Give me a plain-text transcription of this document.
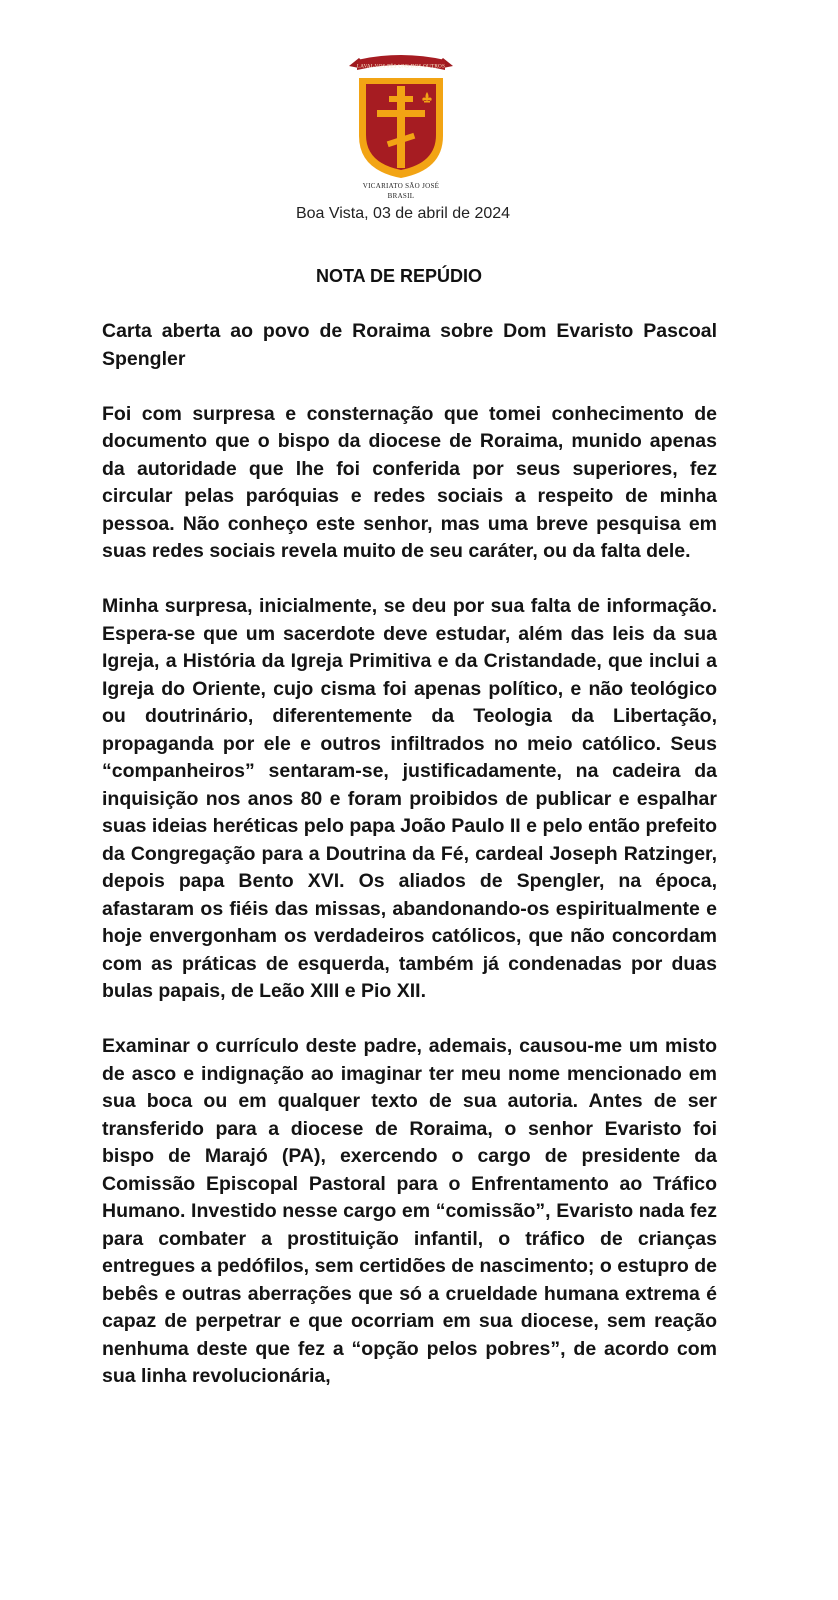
LAVAI-VOS PÉS UNS DOS OUTROS
VICARIATO SÃO JOSÉ
BRASIL
Boa Vista, 03 de abril de 2024
NOTA DE REPÚDIO

Carta aberta ao povo de Roraima sobre Dom Evaristo Pascoal Spengler

Foi com surpresa e consternação que tomei conhecimento de documento que o bispo da diocese de Roraima, munido apenas da autoridade que lhe foi conferida por seus superiores, fez circular pelas paróquias e redes sociais a respeito de minha pessoa. Não conheço este senhor, mas uma breve pesquisa em suas redes sociais revela muito de seu caráter, ou da falta dele.

Minha surpresa, inicialmente, se deu por sua falta de informação. Espera-se que um sacerdote deve estudar, além das leis da sua Igreja, a História da Igreja Primitiva e da Cristandade, que inclui a Igreja do Oriente, cujo cisma foi apenas político, e não teológico ou doutrinário, diferentemente da Teologia da Libertação, propaganda por ele e outros infiltrados no meio católico. Seus “companheiros” sentaram-se, justificadamente, na cadeira da inquisição nos anos 80 e foram proibidos de publicar e espalhar suas ideias heréticas pelo papa João Paulo II e pelo então prefeito da Congregação para a Doutrina da Fé, cardeal Joseph Ratzinger, depois papa Bento XVI. Os aliados de Spengler, na época, afastaram os fiéis das missas, abandonando-os espiritualmente e hoje envergonham os verdadeiros católicos, que não concordam com as práticas de esquerda, também já condenadas por duas bulas papais, de Leão XIII e Pio XII.

Examinar o currículo deste padre, ademais, causou-me um misto de asco e indignação ao imaginar ter meu nome mencionado em sua boca ou em qualquer texto de sua autoria. Antes de ser transferido para a diocese de Roraima, o senhor Evaristo foi bispo de Marajó (PA), exercendo o cargo de presidente da Comissão Episcopal Pastoral para o Enfrentamento ao Tráfico Humano. Investido nesse cargo em “comissão”, Evaristo nada fez para combater a prostituição infantil, o tráfico de crianças entregues a pedófilos, sem certidões de nascimento; o estupro de bebês e outras aberrações que só a crueldade humana extrema é capaz de perpetrar e que ocorriam em sua diocese, sem reação nenhuma deste que fez a “opção pelos pobres”, de acordo com sua linha revolucionária,
